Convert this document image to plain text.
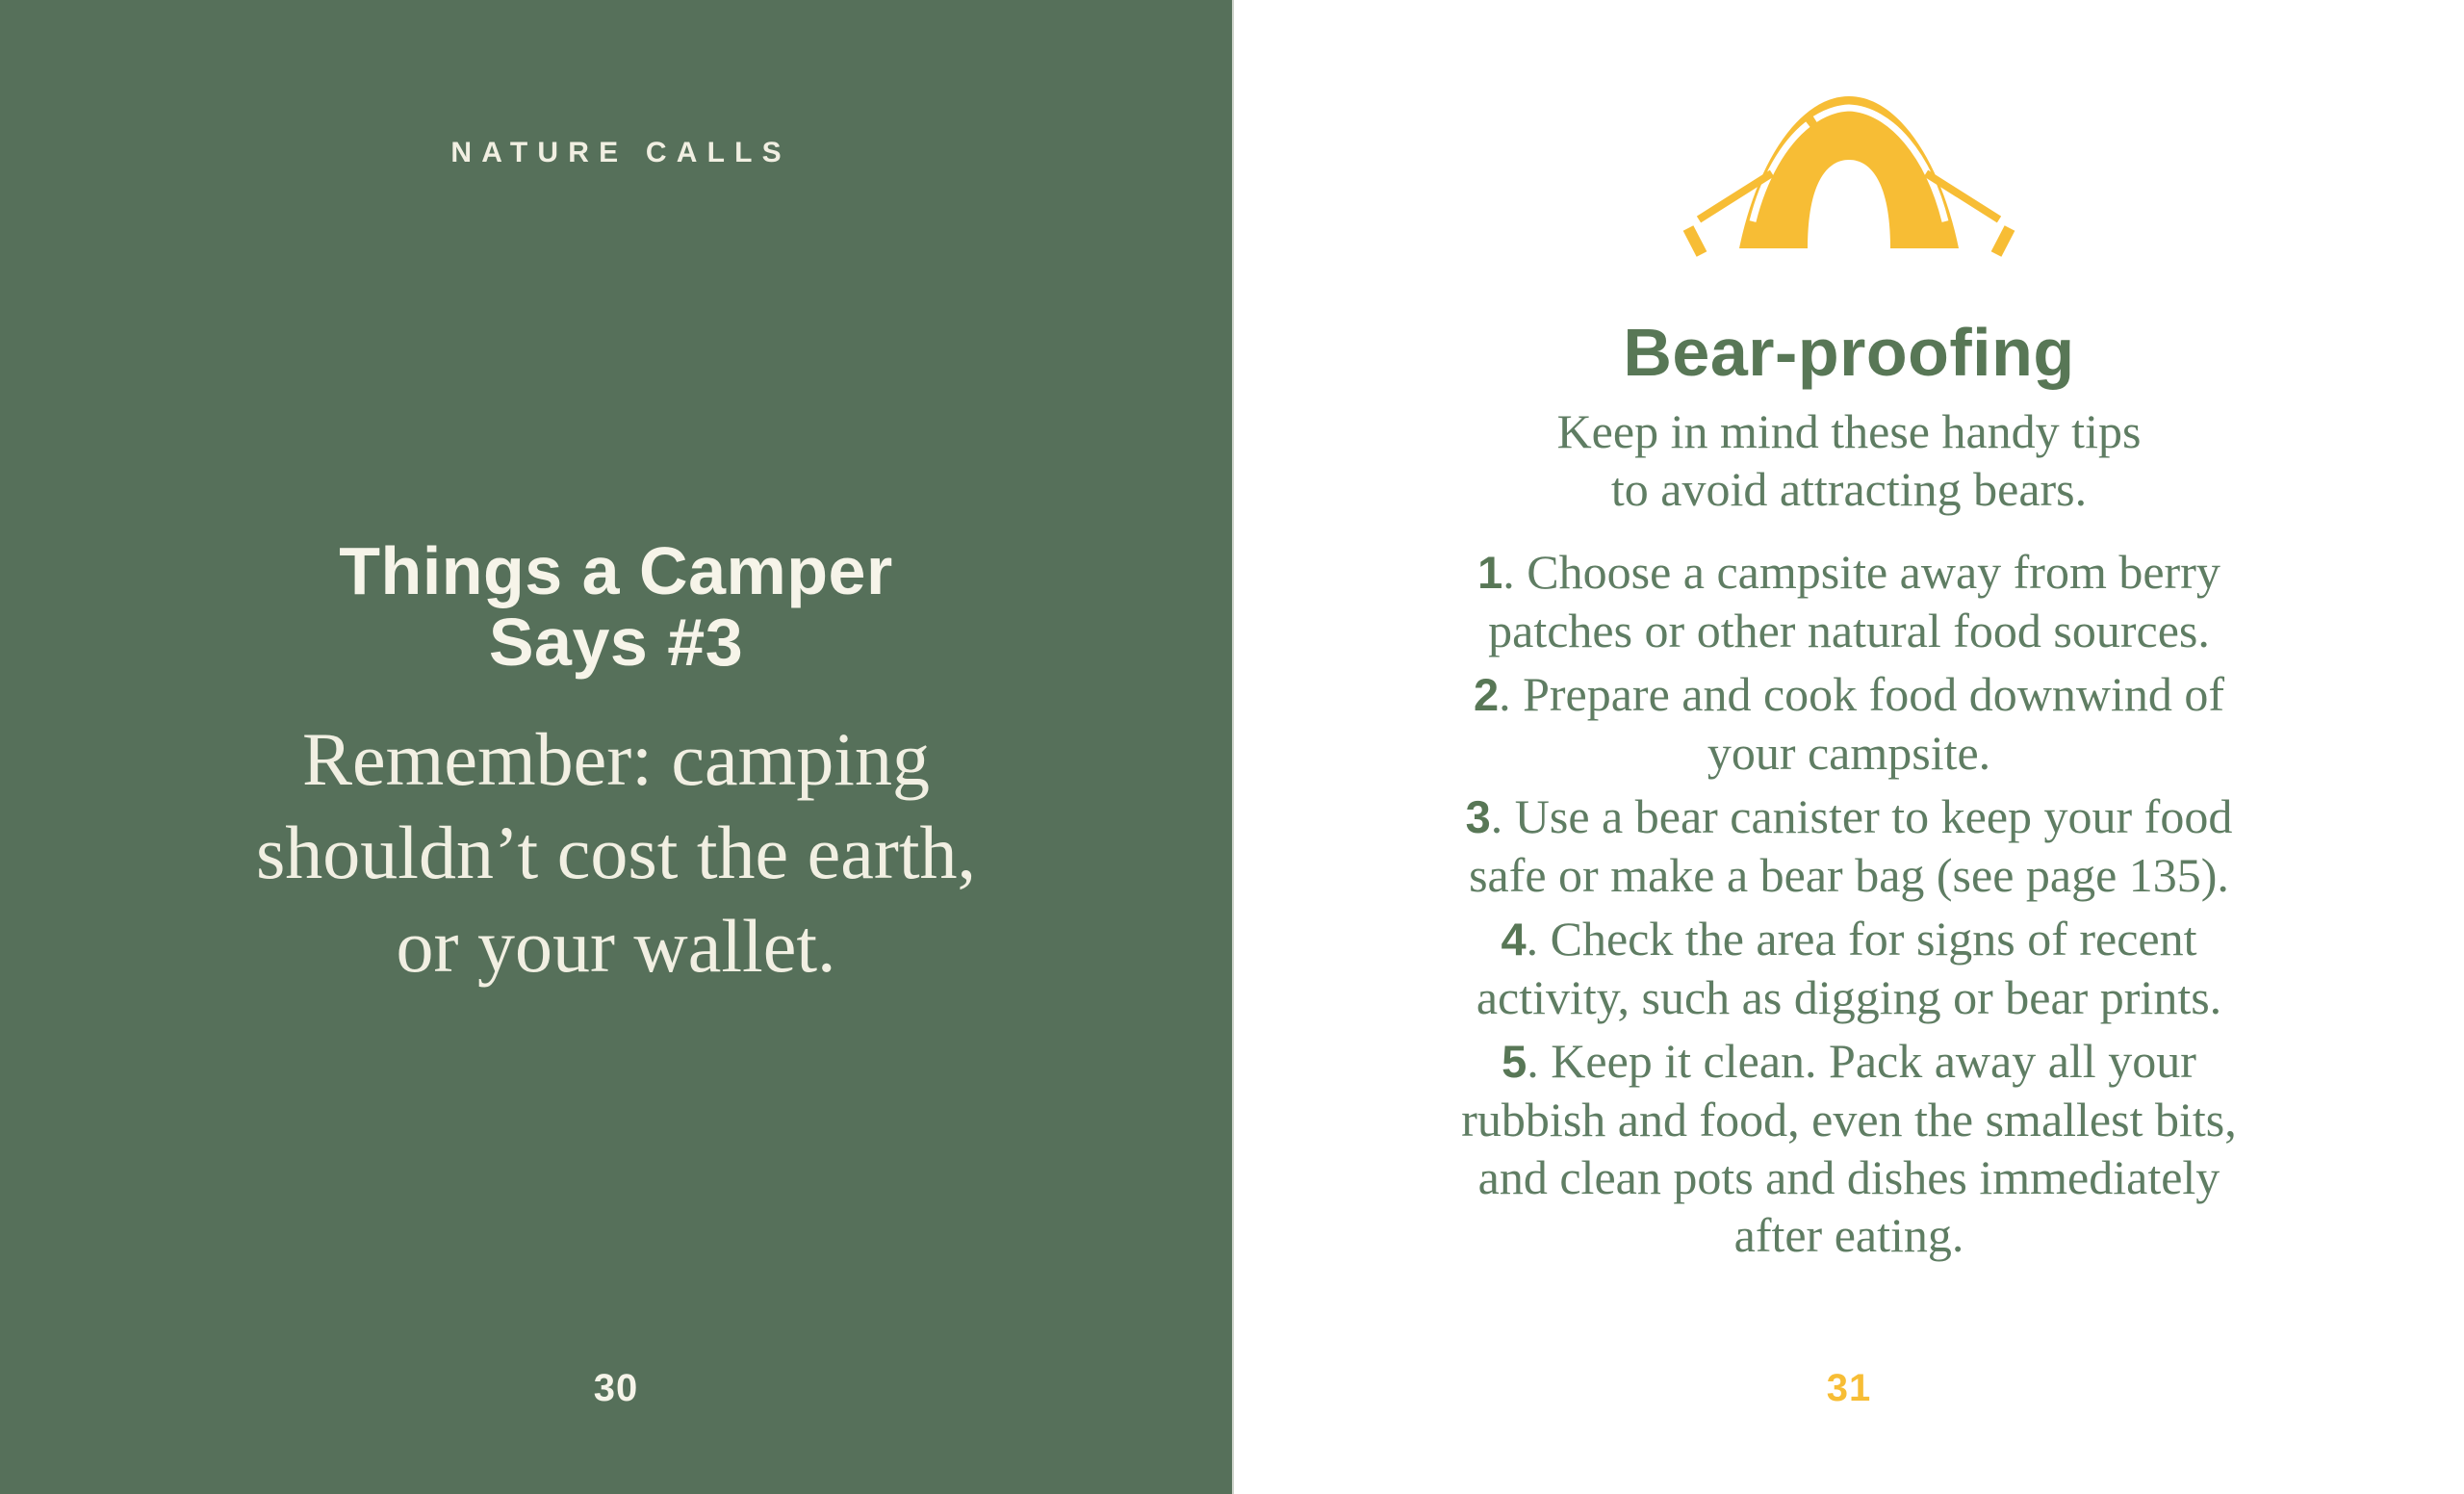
NATURE CALLS
Things a Camper
Says #3
Remember: camping
shouldn’t cost the earth,
or your wallet.
30
Bear-proofing
Keep in mind these handy tips
to avoid attracting bears.
1. Choose a campsite away from berry
patches or other natural food sources.
2. Prepare and cook food downwind of
your campsite.
3. Use a bear canister to keep your food
safe or make a bear bag (see page 135).
4. Check the area for signs of recent
activity, such as digging or bear prints.
5. Keep it clean. Pack away all your
rubbish and food, even the smallest bits,
and clean pots and dishes immediately
after eating.
31
